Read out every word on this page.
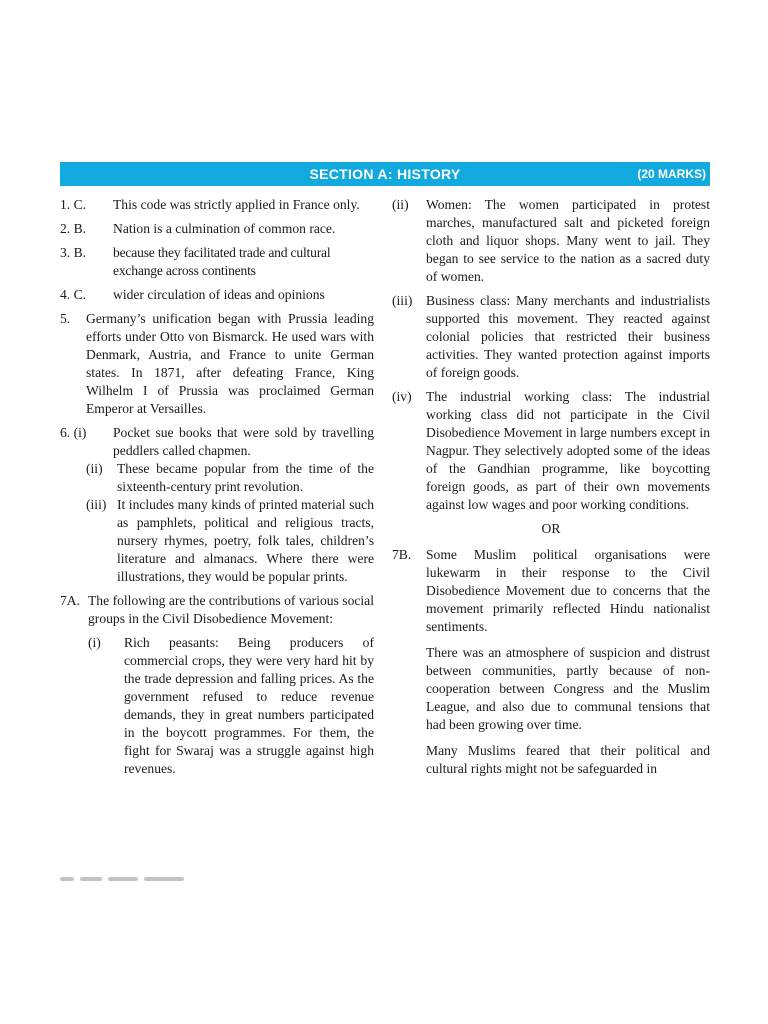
SECTION A: HISTORY	(20 MARKS)
1. C.	This code was strictly applied in France only.
2. B.	Nation is a culmination of common race.
3. B.	because they facilitated trade and cultural exchange across continents
4. C.	wider circulation of ideas and opinions
5.	Germany’s unification began with Prussia leading efforts under Otto von Bismarck. He used wars with Denmark, Austria, and France to unite German states. In 1871, after defeating France, King Wilhelm I of Prussia was proclaimed German Emperor at Versailles.
6. (i)	Pocket sue books that were sold by travelling peddlers called chapmen.
(ii)	These became popular from the time of the sixteenth-century print revolution.
(iii) It includes many kinds of printed material such as pamphlets, political and religious tracts, nursery rhymes, poetry, folk tales, children’s literature and almanacs. Where there were illustrations, they would be popular prints.
7A. The following are the contributions of various social groups in the Civil Disobedience Movement:
(i)	Rich peasants: Being producers of commercial crops, they were very hard hit by the trade depression and falling prices. As the government refused to reduce revenue demands, they in great numbers participated in the boycott programmes. For them, the fight for Swaraj was a struggle against high revenues.
(ii)	Women: The women participated in protest marches, manufactured salt and picketed foreign cloth and liquor shops. Many went to jail. They began to see service to the nation as a sacred duty of women.
(iii)	Business class: Many merchants and industrialists supported this movement. They reacted against colonial policies that restricted their business activities. They wanted protection against imports of foreign goods.
(iv)	The industrial working class: The industrial working class did not participate in the Civil Disobedience Movement in large numbers except in Nagpur. They selectively adopted some of the ideas of the Gandhian programme, like boycotting foreign goods, as part of their own movements against low wages and poor working conditions.
OR
7B.	Some Muslim political organisations were lukewarm in their response to the Civil Disobedience Movement due to concerns that the movement primarily reflected Hindu nationalist sentiments.
There was an atmosphere of suspicion and distrust between communities, partly because of non-cooperation between Congress and the Muslim League, and also due to communal tensions that had been growing over time.
Many Muslims feared that their political and cultural rights might not be safeguarded in
